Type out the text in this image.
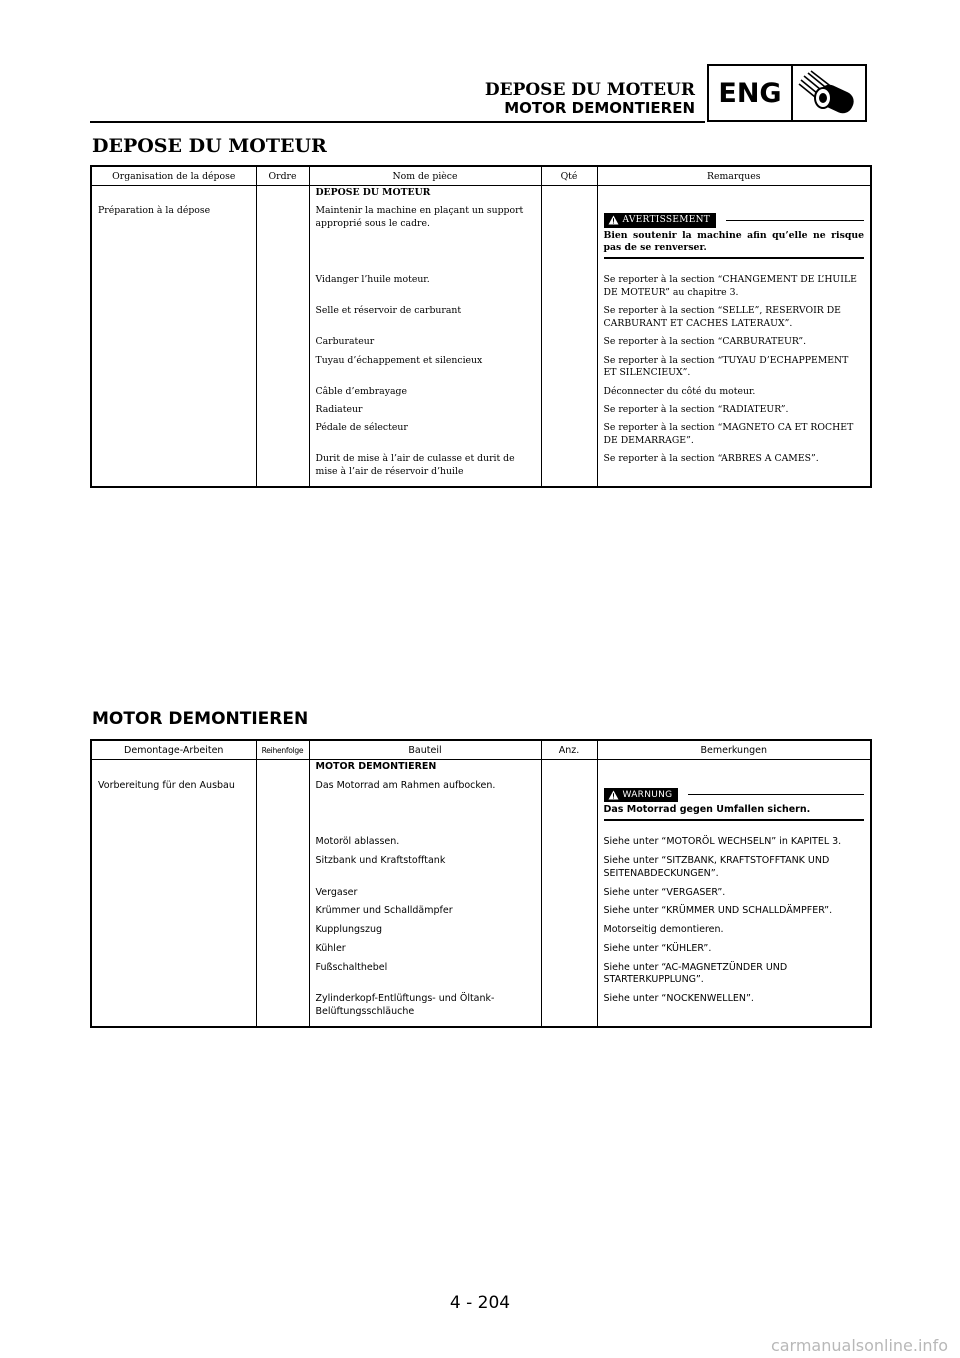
DEPOSE DU MOTEUR
MOTOR DEMONTIEREN ENG
DEPOSE DU MOTEUR
Organisation de la dépose	Ordre	Nom de pièce	Qté	Remarques
		DEPOSE DU MOTEUR		
Préparation à la dépose		Maintenir la machine en plaçant un support approprié sous le cadre.		AVERTISSEMENT
Bien soutenir la machine afin qu’elle ne risque pas de se renverser.

		Vidanger l’huile moteur.		Se reporter à la section “CHANGEMENT DE L’HUILE DE MOTEUR” au chapitre 3.
		Selle et réservoir de carburant		Se reporter à la section “SELLE”, RESERVOIR DE CARBURANT ET CACHES LATERAUX”.
		Carburateur		Se reporter à la section “CARBURATEUR”.
		Tuyau d’échappement et silencieux		Se reporter à la section “TUYAU D’ECHAPPEMENT ET SILENCIEUX”.
		Câble d’embrayage		Déconnecter du côté du moteur.
		Radiateur		Se reporter à la section “RADIATEUR”.
		Pédale de sélecteur		Se reporter à la section “MAGNETO CA ET ROCHET DE DEMARRAGE”.
		Durit de mise à l’air de culasse et durit de mise à l’air de réservoir d’huile		Se reporter à la section “ARBRES A CAMES”.
MOTOR DEMONTIEREN
Demontage-Arbeiten	Reihenfolge	Bauteil	Anz.	Bemerkungen
		MOTOR DEMONTIEREN		
Vorbereitung für den Ausbau		Das Motorrad am Rahmen aufbocken.		WARNUNG
Das Motorrad gegen Umfallen sichern.

		Motoröl ablassen.		Siehe unter “MOTORÖL WECHSELN” in KAPITEL 3.
		Sitzbank und Kraftstofftank		Siehe unter “SITZBANK, KRAFTSTOFFTANK UND SEITENABDECKUNGEN”.
		Vergaser		Siehe unter “VERGASER”.
		Krümmer und Schalldämpfer		Siehe unter “KRÜMMER UND SCHALLDÄMPFER”.
		Kupplungszug		Motorseitig demontieren.
		Kühler		Siehe unter “KÜHLER”.
		Fußschalthebel		Siehe unter “AC-MAGNETZÜNDER UND STARTERKUPPLUNG”.
		Zylinderkopf-Entlüftungs- und Öltank-Belüftungsschläuche		Siehe unter “NOCKENWELLEN”.
4 - 204
carmanualsonline.info
